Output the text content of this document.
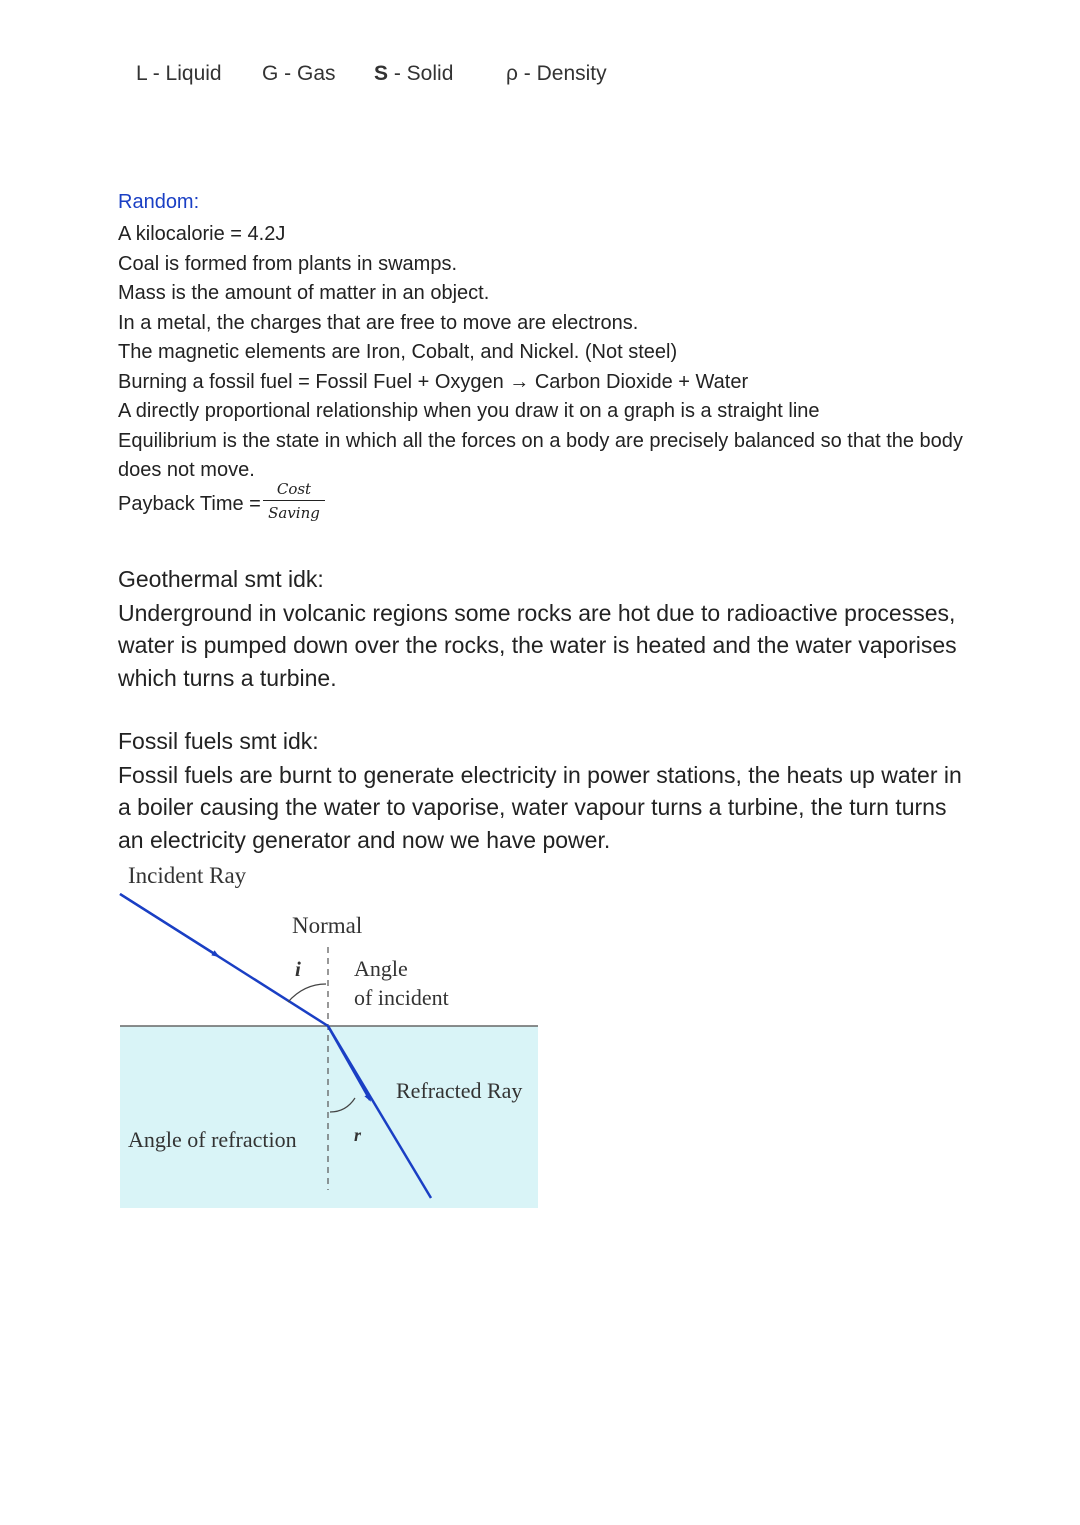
L - Liquid G - Gas S - Solid	ρ - Density
Random:
A kilocalorie = 4.2J
Coal is formed from plants in swamps.
Mass is the amount of matter in an object.
In a metal, the charges that are free to move are electrons.
The magnetic elements are Iron, Cobalt, and Nickel. (Not steel)
Burning a fossil fuel = Fossil Fuel + Oxygen → Carbon Dioxide + Water
A directly proportional relationship when you draw it on a graph is a straight line
Equilibrium is the state in which all the forces on a body are precisely balanced so that the body does not move.
Payback Time = $\frac{\text{Cost}}{\text{Saving}}$
Geothermal smt idk:
Underground in volcanic regions some rocks are hot due to radioactive processes, water is pumped down over the rocks, the water is heated and the water vaporises which turns a turbine.
Fossil fuels smt idk:
Fossil fuels are burnt to generate electricity in power stations, the heats up water in a boiler causing the water to vaporise, water vapour turns a turbine, the turn turns an electricity generator and now we have power.
Incident Ray
Normal
i Angle
of incident
Refracted Ray
Angle of refraction	r
